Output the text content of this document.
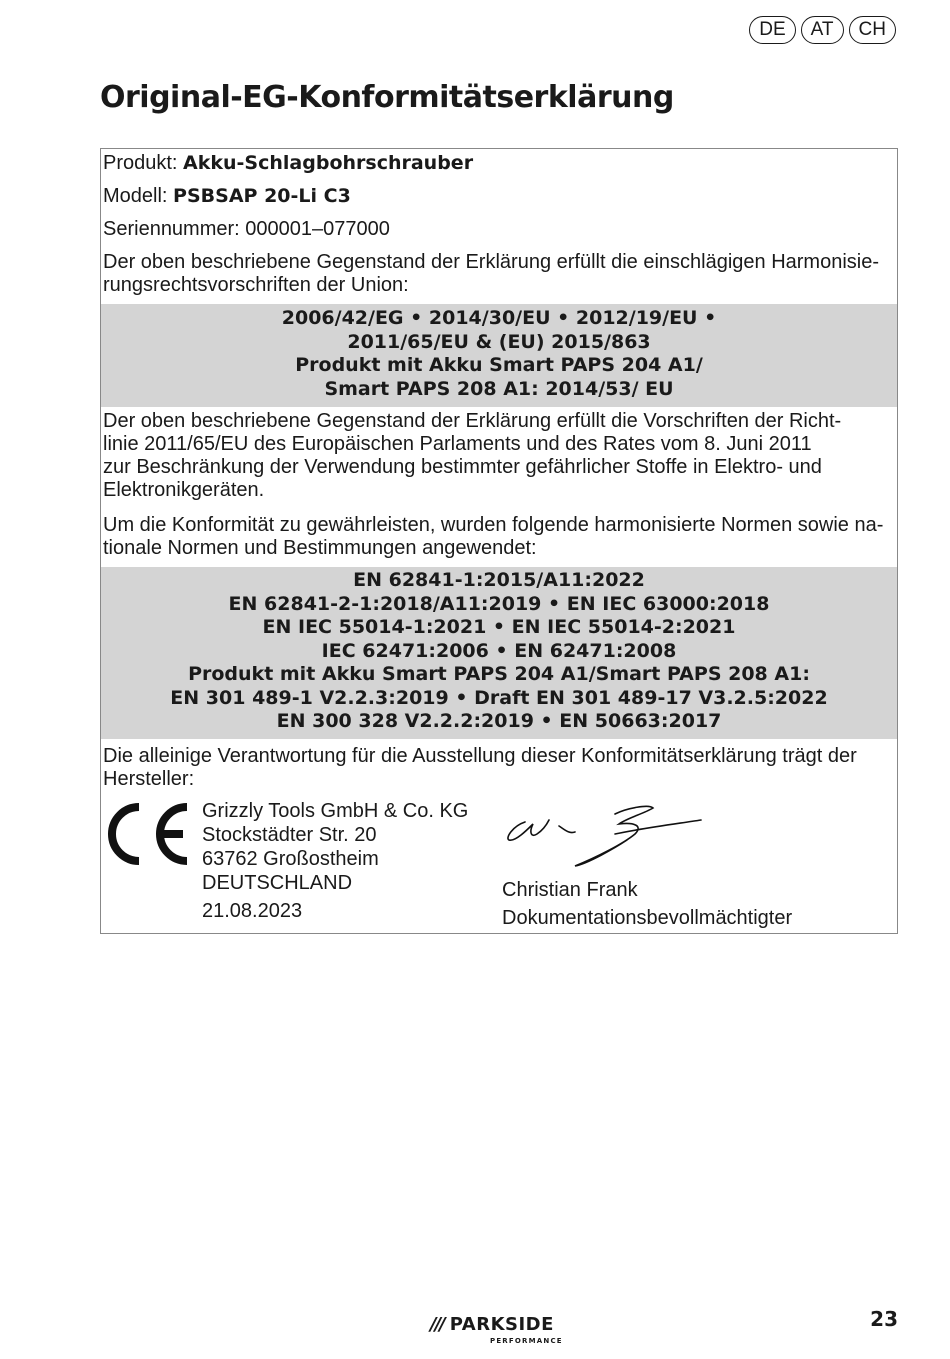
DE	AT	CH
Original-EG-Konformitätserklärung
Produkt: Akku-Schlagbohrschrauber
Modell: PSBSAP 20-Li C3
Seriennummer: 000001–077000
Der oben beschriebene Gegenstand der Erklärung erfüllt die einschlägigen Harmonisie-
rungsrechtsvorschriften der Union:
2006/42/EG • 2014/30/EU • 2012/19/EU •
2011/65/EU & (EU) 2015/863
Produkt mit Akku Smart PAPS 204 A1/
Smart PAPS 208 A1: 2014/53/ EU
Der oben beschriebene Gegenstand der Erklärung erfüllt die Vorschriften der Richt-
linie 2011/65/EU des Europäischen Parlaments und des Rates vom 8. Juni 2011
zur Beschränkung der Verwendung bestimmter gefährlicher Stoffe in Elektro- und
Elektronikgeräten.
Um die Konformität zu gewährleisten, wurden folgende harmonisierte Normen sowie na-
tionale Normen und Bestimmungen angewendet:
EN 62841-1:2015/A11:2022
EN 62841-2-1:2018/A11:2019 • EN IEC 63000:2018
EN IEC 55014-1:2021 • EN IEC 55014-2:2021
IEC 62471:2006 • EN 62471:2008
Produkt mit Akku Smart PAPS 204 A1/Smart PAPS 208 A1:
EN 301 489-1 V2.2.3:2019 • Draft EN 301 489-17 V3.2.5:2022
EN 300 328 V2.2.2:2019 • EN 50663:2017
Die alleinige Verantwortung für die Ausstellung dieser Konformitätserklärung trägt der
Hersteller:
Grizzly Tools GmbH & Co. KG
Stockstädter Str. 20
63762 Großostheim
DEUTSCHLAND
21.08.2023
Christian Frank
Dokumentationsbevollmächtigter
/// PARKSIDE
PERFORMANCE
23
